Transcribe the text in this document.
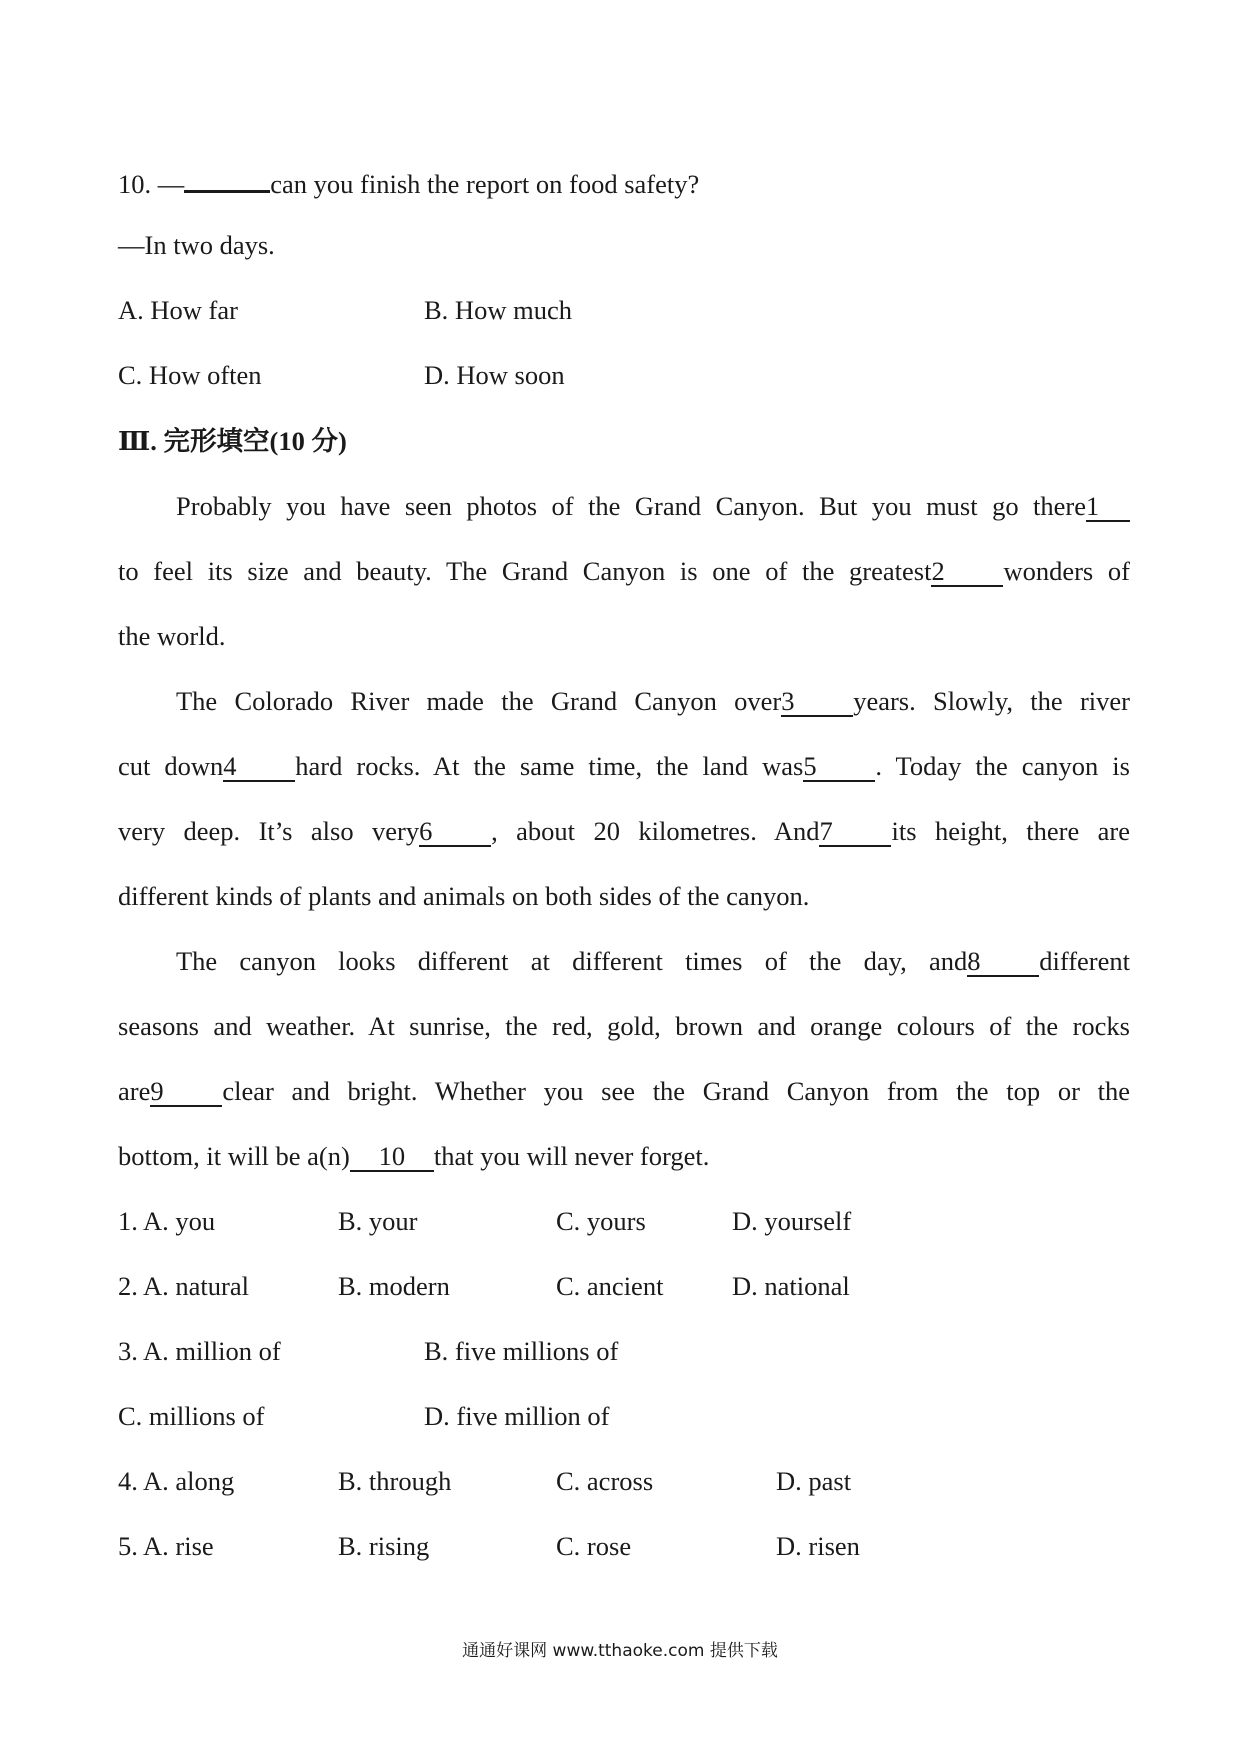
10. —	can you finish the report on food safety?
—In two days.
A. How far	B. How much
C. How often	D. How soon
Ⅲ. 完形填空(10 分)
Probably you have seen photos of the Grand Canyon. But you must go there1
to feel its size and beauty. The Grand Canyon is one of the greatest2 wonders of
the world.
The Colorado River made the Grand Canyon over3 years. Slowly, the river
cut down4 hard rocks. At the same time, the land was5 . Today the canyon is
very deep. It’s also very6 , about 20 kilometres. And7 its height, there are
different kinds of plants and animals on both sides of the canyon.
The canyon looks different at different times of the day, and8 different
seasons and weather. At sunrise, the red, gold, brown and orange colours of the rocks
are9 clear and bright. Whether you see the Grand Canyon from the top or the
bottom, it will be a(n) 10 that you will never forget.
1. A. you	B. your	C. yours	D. yourself
2. A. natural	B. modern	C. ancient	D. national
3. A. million of	B. five millions of
C. millions of	D. five million of
4. A. along	B. through	C. across	D. past
5. A. rise	B. rising	C. rose	D. risen
通通好课网 www.tthaoke.com 提供下载
